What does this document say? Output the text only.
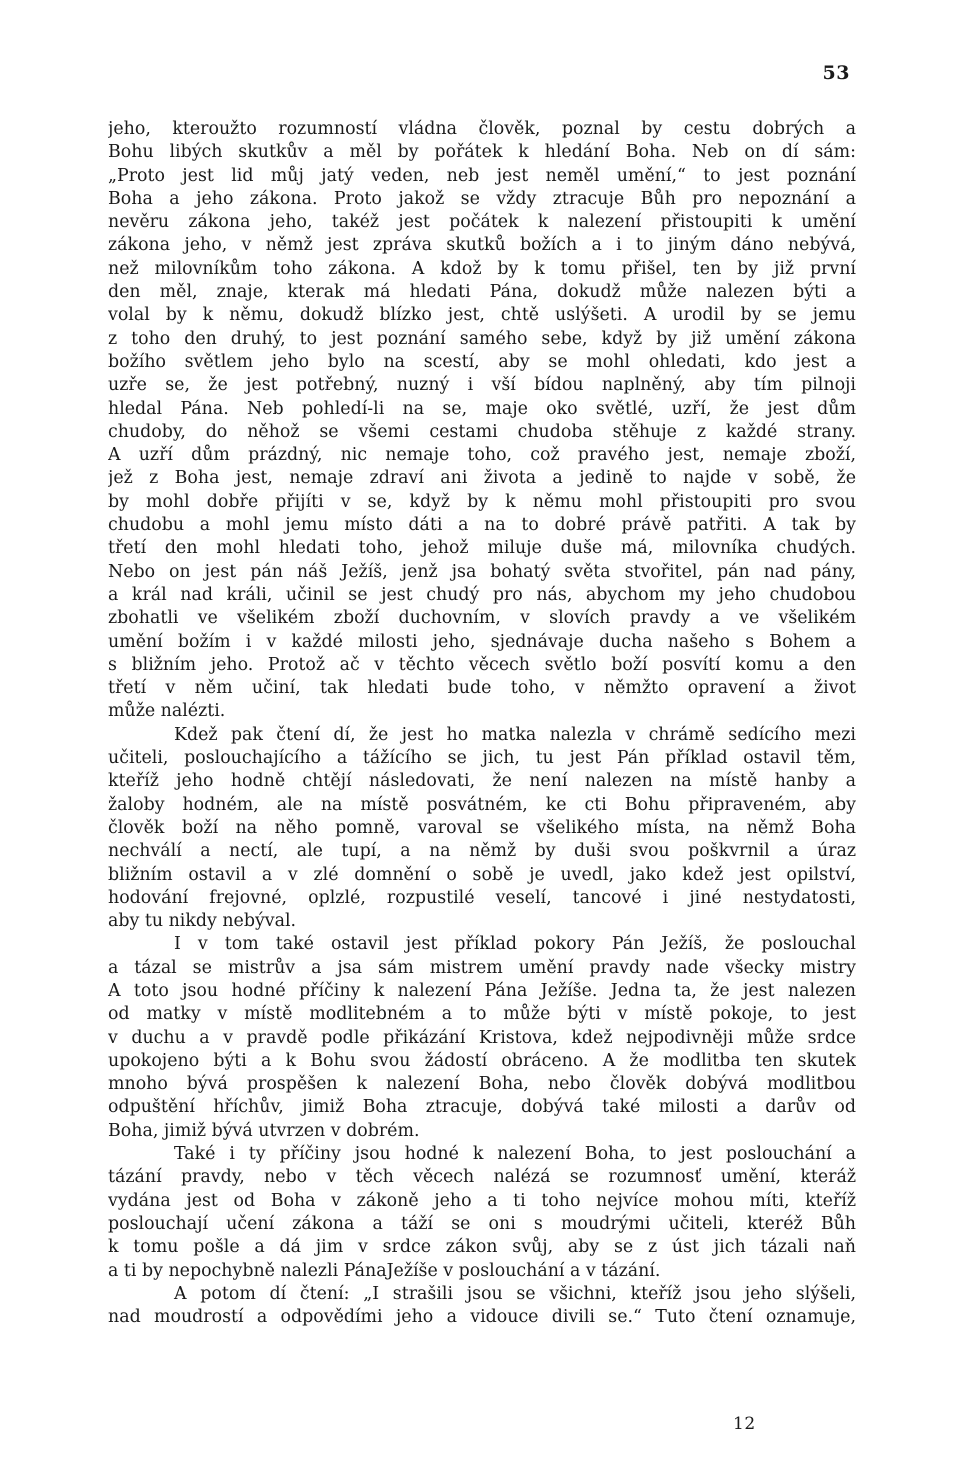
53
jeho, kteroužto rozumností vládna člověk, poznal by cestu dobrých a
Bohu libých skutkův a měl by pořátek k hledání Boha. Neb on dí sám:
„Proto jest lid můj jatý veden, neb jest neměl umění,“ to jest poznání
Boha a jeho zákona. Proto jakož se vždy ztracuje Bůh pro nepoznání a
nevěru zákona jeho, takéž jest počátek k nalezení přistoupiti k umění
zákona jeho, v němž jest zpráva skutků božích a i to jiným dáno nebývá,
než milovníkům toho zákona. A kdož by k tomu přišel, ten by již první
den měl, znaje, kterak má hledati Pána, dokudž může nalezen býti a
volal by k němu, dokudž blízko jest, chtě uslýšeti. A urodil by se jemu
z toho den druhý, to jest poznání samého sebe, když by již umění zákona
božího světlem jeho bylo na scestí, aby se mohl ohledati, kdo jest a
uzře se, že jest potřebný, nuzný i vší bídou naplněný, aby tím pilnoji
hledal Pána. Neb pohledí-li na se, maje oko světlé, uzří, že jest dům
chudoby, do něhož se všemi cestami chudoba stěhuje z každé strany.
A uzří dům prázdný, nic nemaje toho, což pravého jest, nemaje zboží,
jež z Boha jest, nemaje zdraví ani života a jedině to najde v sobě, že
by mohl dobře přijíti v se, když by k němu mohl přistoupiti pro svou
chudobu a mohl jemu místo dáti a na to dobré právě patřiti. A tak by
třetí den mohl hledati toho, jehož miluje duše má, milovníka chudých.
Nebo on jest pán náš Ježíš, jenž jsa bohatý světa stvořitel, pán nad pány,
a král nad králi, učinil se jest chudý pro nás, abychom my jeho chudobou
zbohatli ve všelikém zboží duchovním, v slovích pravdy a ve všelikém
umění božím i v každé milosti jeho, sjednávaje ducha našeho s Bohem a
s bližním jeho. Protož ač v těchto věcech světlo boží posvítí komu a den
třetí v něm učiní, tak hledati bude toho, v němžto opravení a život
může nalézti.
Kdež pak čtení dí, že jest ho matka nalezla v chrámě sedícího mezi
učiteli, poslouchajícího a tážícího se jich, tu jest Pán příklad ostavil těm,
kteříž jeho hodně chtějí následovati, že není nalezen na místě hanby a
žaloby hodném, ale na místě posvátném, ke cti Bohu připraveném, aby
člověk boží na něho pomně, varoval se všelikého místa, na němž Boha
nechválí a nectí, ale tupí, a na němž by duši svou poškvrnil a úraz
bližním ostavil a v zlé domnění o sobě je uvedl, jako kdež jest opilství,
hodování frejovné, oplzlé, rozpustilé veselí, tancové i jiné nestydatosti,
aby tu nikdy nebýval.
I v tom také ostavil jest příklad pokory Pán Ježíš, že poslouchal
a tázal se mistrův a jsa sám mistrem umění pravdy nade všecky mistry
A toto jsou hodné příčiny k nalezení Pána Ježíše. Jedna ta, že jest nalezen
od matky v místě modlitebném a to může býti v místě pokoje, to jest
v duchu a v pravdě podle přikázání Kristova, kdež nejpodivněji může srdce
upokojeno býti a k Bohu svou žádostí obráceno. A že modlitba ten skutek
mnoho bývá prospěšen k nalezení Boha, nebo člověk dobývá modlitbou
odpuštění hříchův, jimiž Boha ztracuje, dobývá také milosti a darův od
Boha, jimiž bývá utvrzen v dobrém.
Také i ty příčiny jsou hodné k nalezení Boha, to jest poslouchání a
tázání pravdy, nebo v těch věcech nalézá se rozumnosť umění, kteráž
vydána jest od Boha v zákoně jeho a ti toho nejvíce mohou míti, kteříž
poslouchají učení zákona a táží se oni s moudrými učiteli, kteréž Bůh
k tomu pošle a dá jim v srdce zákon svůj, aby se z úst jich tázali naň
a ti by nepochybně nalezli PánaJežíše v poslouchání a v tázání.
A potom dí čtení: „I strašili jsou se všichni, kteříž jsou jeho slýšeli,
nad moudrostí a odpovědími jeho a vidouce divili se.“ Tuto čtení oznamuje,
12
